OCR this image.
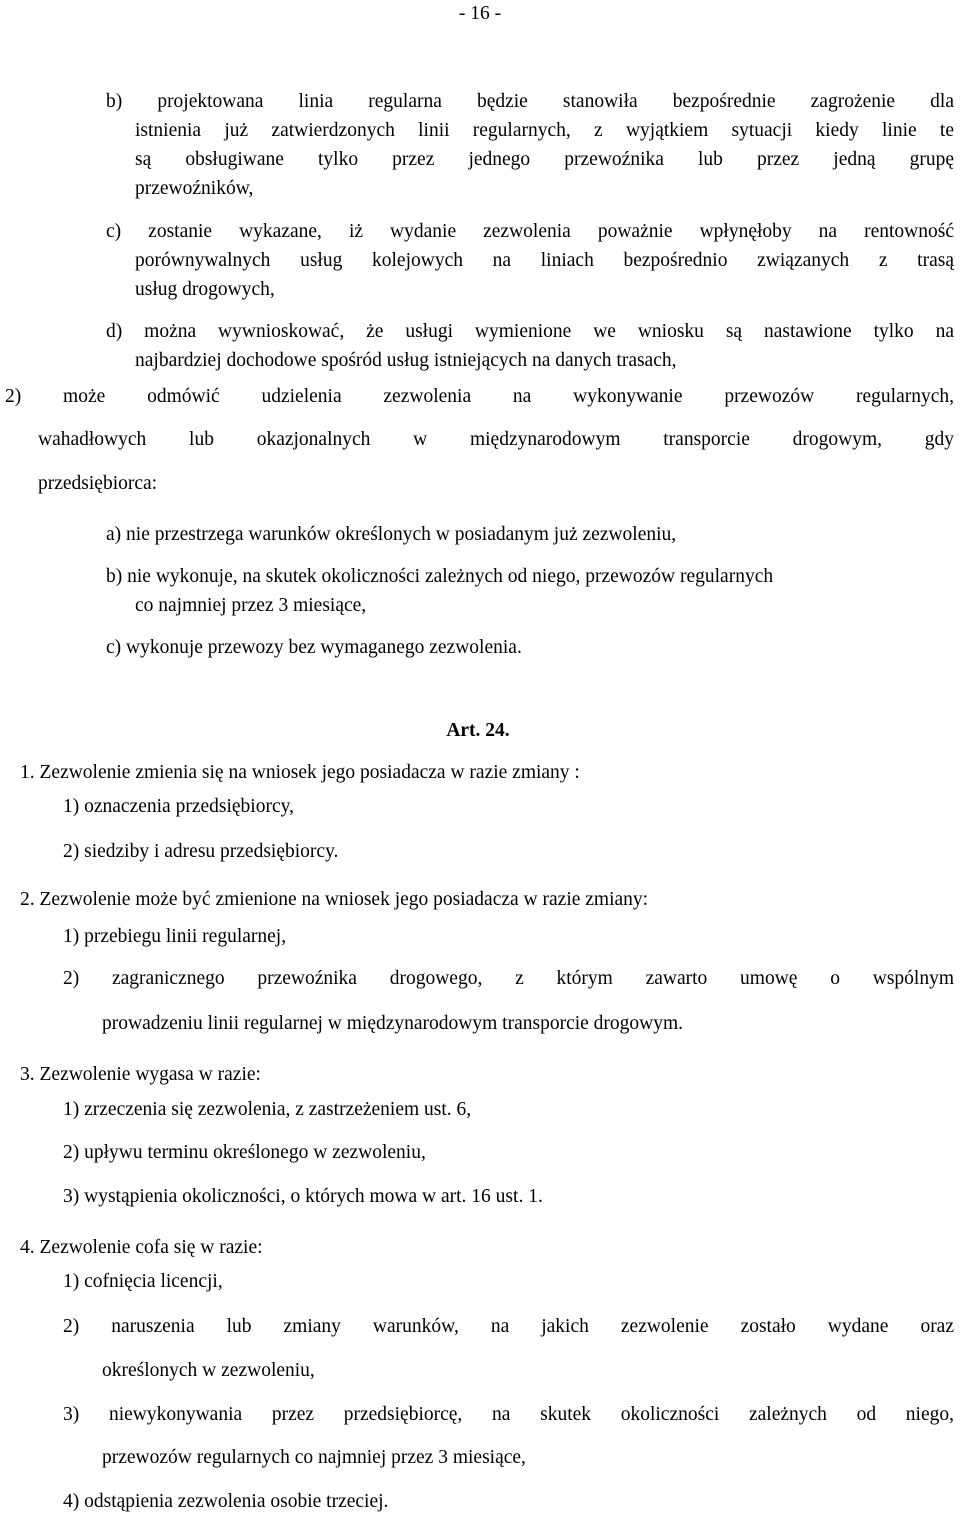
- 16 -

b) projektowana linia regularna będzie stanowiła bezpośrednie zagrożenie dla

istnienia już zatwierdzonych linii regularnych, z wyjątkiem sytuacji kiedy linie te

są obsługiwane tylko przez jednego przewoźnika lub przez jedną grupę

przewoźników,

c) zostanie wykazane, iż wydanie zezwolenia poważnie wpłynęłoby na rentowność

porównywalnych usług kolejowych na liniach bezpośrednio związanych z trasą

usług drogowych,

d) można wywnioskować, że usługi wymienione we wniosku są nastawione tylko na

najbardziej dochodowe spośród usług istniejących na danych trasach,

2) może odmówić udzielenia zezwolenia na wykonywanie przewozów regularnych,

wahadłowych lub okazjonalnych w międzynarodowym transporcie drogowym, gdy

przedsiębiorca:

a) nie przestrzega warunków określonych w posiadanym już zezwoleniu,

b) nie wykonuje, na skutek okoliczności zależnych od niego, przewozów regularnych

co najmniej przez 3 miesiące,

c) wykonuje przewozy bez wymaganego zezwolenia.

Art. 24.

1. Zezwolenie zmienia się na wniosek jego posiadacza w razie zmiany :

1) oznaczenia przedsiębiorcy,

2) siedziby i adresu przedsiębiorcy.

2. Zezwolenie może być zmienione na wniosek jego posiadacza w razie zmiany:

1) przebiegu linii regularnej,

2) zagranicznego przewoźnika drogowego, z którym zawarto umowę o wspólnym

prowadzeniu linii regularnej w międzynarodowym transporcie drogowym.

3. Zezwolenie wygasa w razie:

1) zrzeczenia się zezwolenia, z zastrzeżeniem ust. 6,

2) upływu terminu określonego w zezwoleniu,

3) wystąpienia okoliczności, o których mowa w art. 16 ust. 1.

4. Zezwolenie cofa się w razie:

1) cofnięcia licencji,

2) naruszenia lub zmiany warunków, na jakich zezwolenie zostało wydane oraz

określonych w zezwoleniu,

3) niewykonywania przez przedsiębiorcę, na skutek okoliczności zależnych od niego,

przewozów regularnych co najmniej przez 3 miesiące,

4) odstąpienia zezwolenia osobie trzeciej.
